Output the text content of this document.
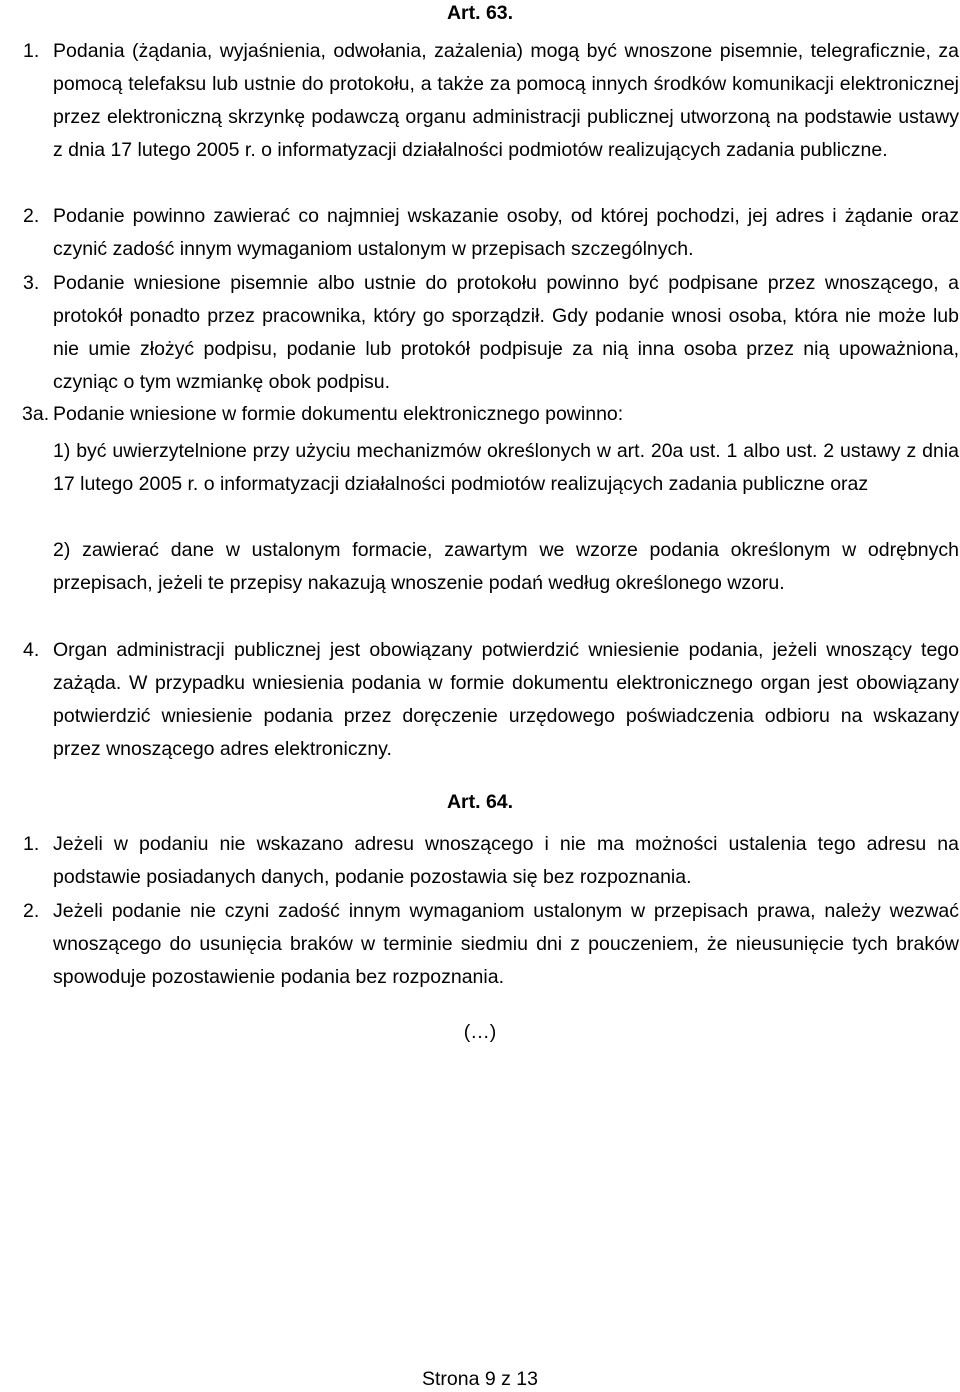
Art. 63.
1. Podania (żądania, wyjaśnienia, odwołania, zażalenia) mogą być wnoszone pisemnie, telegraficznie, za pomocą telefaksu lub ustnie do protokołu, a także za pomocą innych środków komunikacji elektronicznej przez elektroniczną skrzynkę podawczą organu administracji publicznej utworzoną na podstawie ustawy z dnia 17 lutego 2005 r. o informatyzacji działalności podmiotów realizujących zadania publiczne.
2. Podanie powinno zawierać co najmniej wskazanie osoby, od której pochodzi, jej adres i żądanie oraz czynić zadość innym wymaganiom ustalonym w przepisach szczególnych.
3. Podanie wniesione pisemnie albo ustnie do protokołu powinno być podpisane przez wnoszącego, a protokół ponadto przez pracownika, który go sporządził. Gdy podanie wnosi osoba, która nie może lub nie umie złożyć podpisu, podanie lub protokół podpisuje za nią inna osoba przez nią upoważniona, czyniąc o tym wzmiankę obok podpisu.
3a. Podanie wniesione w formie dokumentu elektronicznego powinno:
1) być uwierzytelnione przy użyciu mechanizmów określonych w art. 20a ust. 1 albo ust. 2 ustawy z dnia 17 lutego 2005 r. o informatyzacji działalności podmiotów realizujących zadania publiczne oraz
2) zawierać dane w ustalonym formacie, zawartym we wzorze podania określonym w odrębnych przepisach, jeżeli te przepisy nakazują wnoszenie podań według określonego wzoru.
4. Organ administracji publicznej jest obowiązany potwierdzić wniesienie podania, jeżeli wnoszący tego zażąda. W przypadku wniesienia podania w formie dokumentu elektronicznego organ jest obowiązany potwierdzić wniesienie podania przez doręczenie urzędowego poświadczenia odbioru na wskazany przez wnoszącego adres elektroniczny.
Art. 64.
1. Jeżeli w podaniu nie wskazano adresu wnoszącego i nie ma możności ustalenia tego adresu na podstawie posiadanych danych, podanie pozostawia się bez rozpoznania.
2. Jeżeli podanie nie czyni zadość innym wymaganiom ustalonym w przepisach prawa, należy wezwać wnoszącego do usunięcia braków w terminie siedmiu dni z pouczeniem, że nieusunięcie tych braków spowoduje pozostawienie podania bez rozpoznania.
(…)
Strona 9 z 13
